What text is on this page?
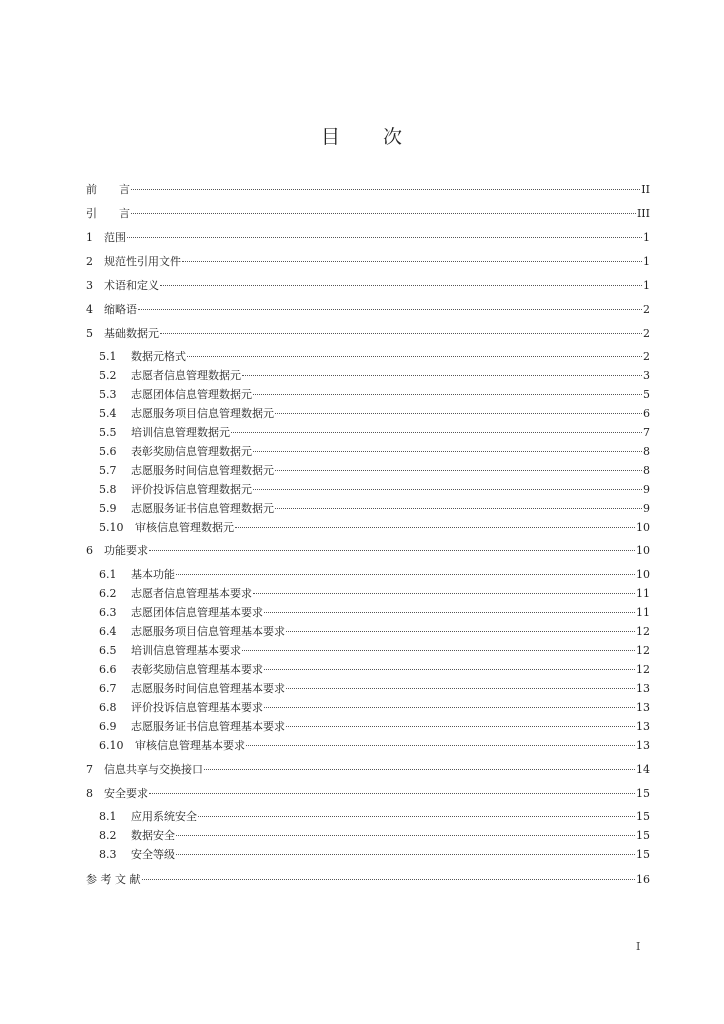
目 次
前　　言	II
引　　言	III
1	范围	1
2	规范性引用文件	1
3	术语和定义	1
4	缩略语	2
5	基础数据元	2
5.1	数据元格式	2
5.2	志愿者信息管理数据元	3
5.3	志愿团体信息管理数据元	5
5.4	志愿服务项目信息管理数据元	6
5.5	培训信息管理数据元	7
5.6	表彰奖励信息管理数据元	8
5.7	志愿服务时间信息管理数据元	8
5.8	评价投诉信息管理数据元	9
5.9	志愿服务证书信息管理数据元	9
5.10	审核信息管理数据元	10
6	功能要求	10
6.1	基本功能	10
6.2	志愿者信息管理基本要求	11
6.3	志愿团体信息管理基本要求	11
6.4	志愿服务项目信息管理基本要求	12
6.5	培训信息管理基本要求	12
6.6	表彰奖励信息管理基本要求	12
6.7	志愿服务时间信息管理基本要求	13
6.8	评价投诉信息管理基本要求	13
6.9	志愿服务证书信息管理基本要求	13
6.10	审核信息管理基本要求	13
7	信息共享与交换接口	14
8	安全要求	15
8.1	应用系统安全	15
8.2	数据安全	15
8.3	安全等级	15
参 考 文 献	16
I
